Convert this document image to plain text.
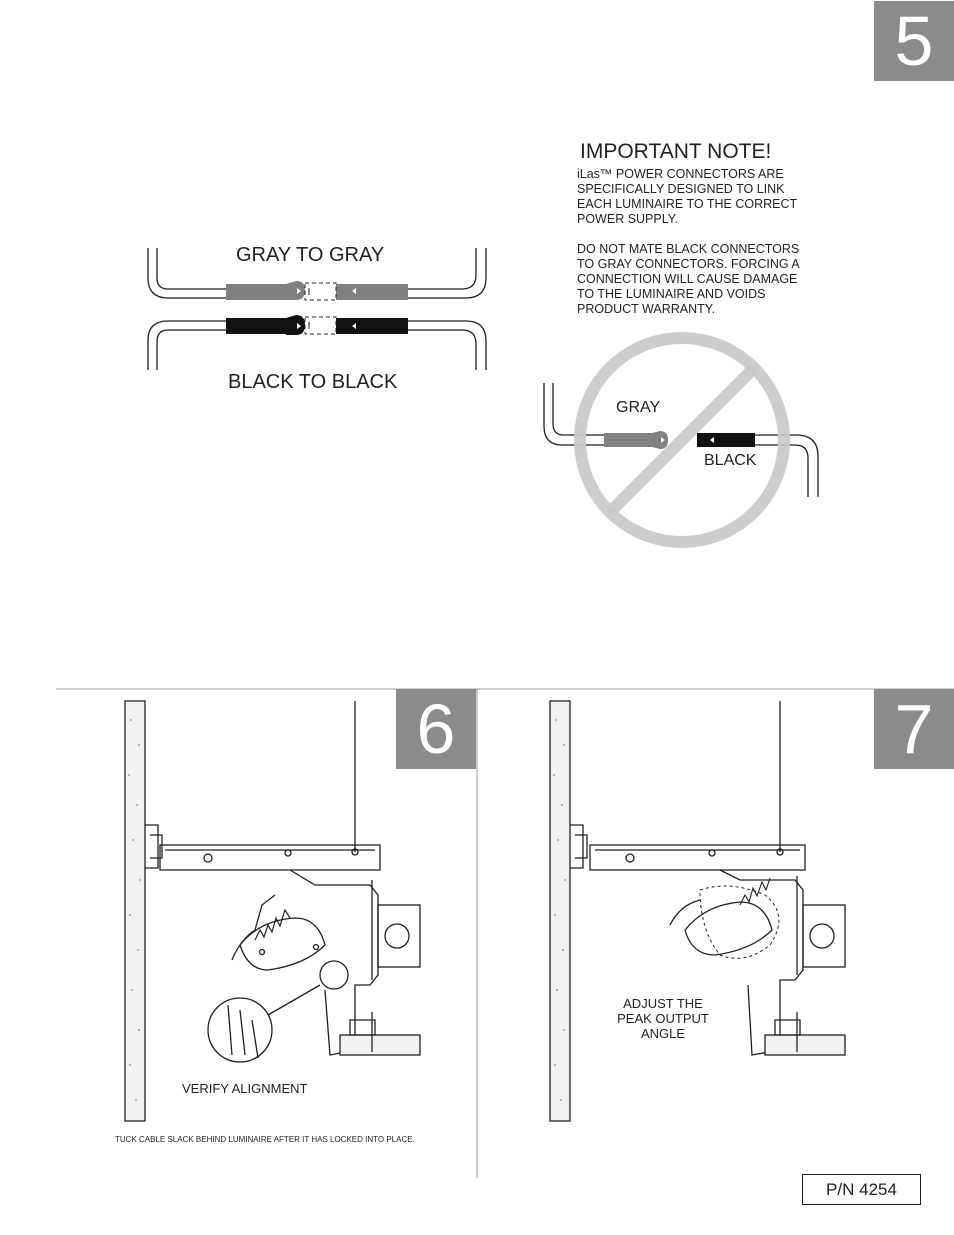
5
IMPORTANT NOTE!
iLas™ POWER CONNECTORS ARE
SPECIFICALLY DESIGNED TO LINK
EACH LUMINAIRE TO THE CORRECT
POWER SUPPLY.
DO NOT MATE BLACK CONNECTORS
TO GRAY CONNECTORS. FORCING A
CONNECTION WILL CAUSE DAMAGE
TO THE LUMINAIRE AND VOIDS
PRODUCT WARRANTY.
GRAY TO GRAY
BLACK TO BLACK
GRAY
BLACK
6	7
VERIFY ALIGNMENT
TUCK CABLE SLACK BEHIND LUMINAIRE AFTER IT HAS LOCKED INTO PLACE.
ADJUST THE
PEAK OUTPUT ANGLE
P/N 4254
